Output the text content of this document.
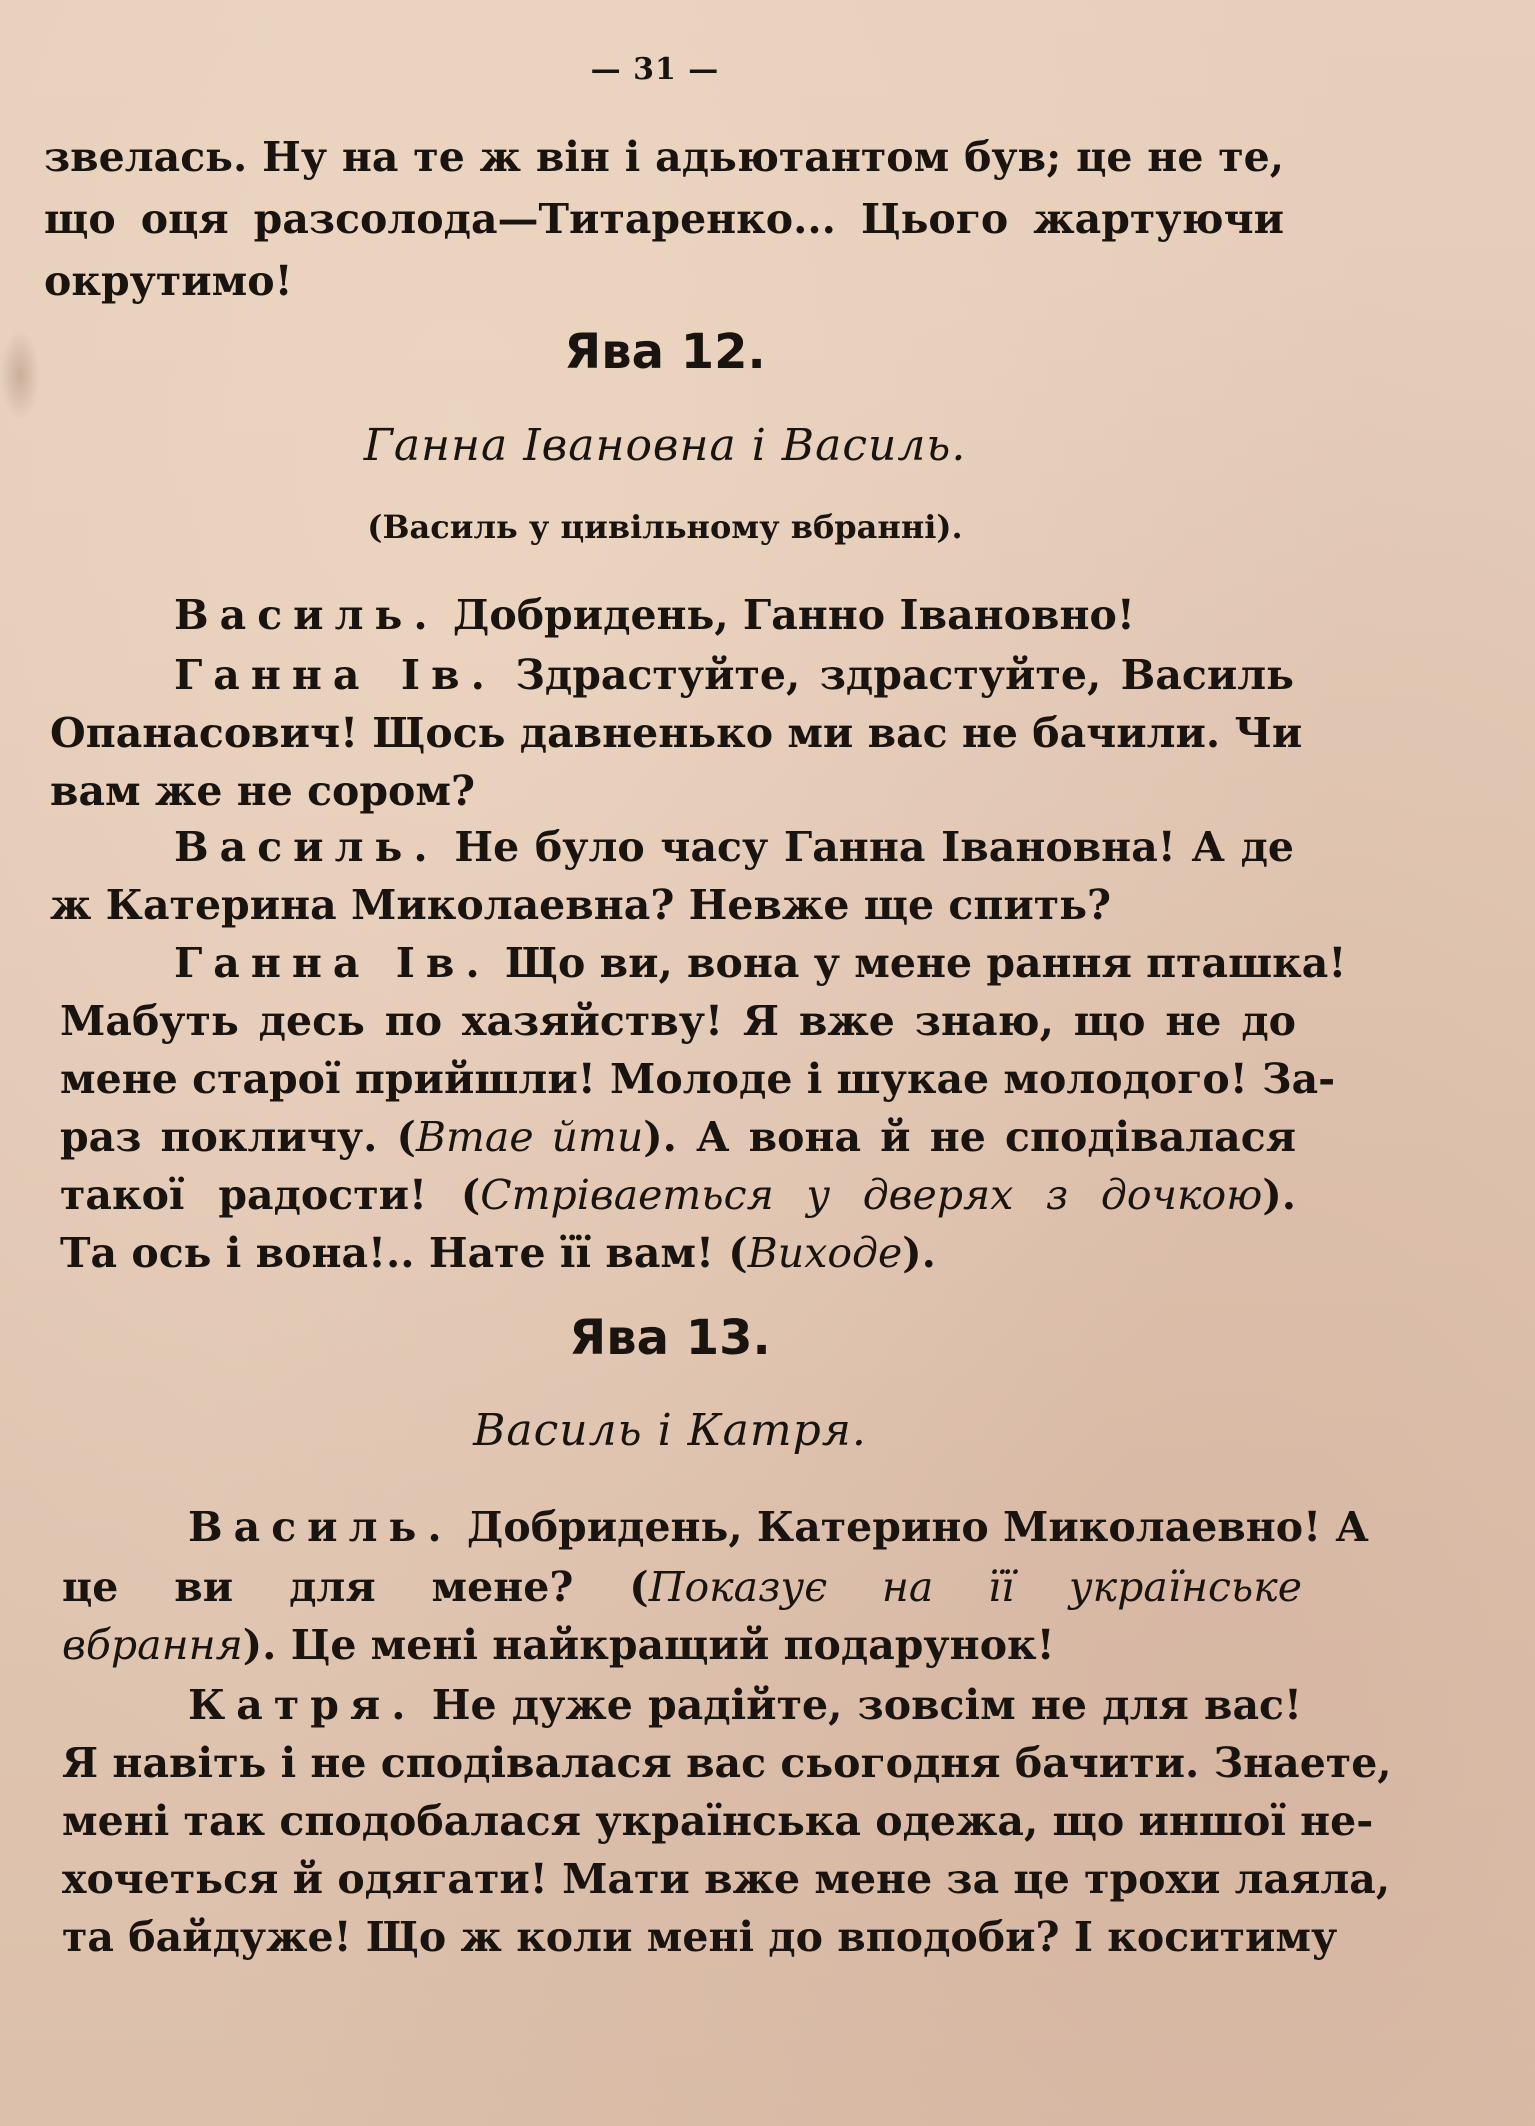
— 31 —
звелась. Ну на те ж він і адьютантом був; це не те,
що оця разсолода—Титаренко... Цього жартуючи
окрутимо!
Ява 12.
Ганна Івановна і Василь.
(Василь у цивільному вбранні).
Василь. Добридень, Ганно Івановно!
Ганна Ів. Здрастуйте, здрастуйте, Василь
Опанасович! Щось давненько ми вас не бачили. Чи
вам же не сором?
Василь. Не було часу Ганна Івановна! А де
ж Катерина Миколаевна? Невже ще спить?
Ганна Ів. Що ви, вона у мене рання пташка!
Мабуть десь по хазяйству! Я вже знаю, що не до
мене старої прийшли! Молоде і шукае молодого! За-
раз покличу. (Втае йти). А вона й не сподівалася
такої радости! (Стріваеться у дверях з дочкою).
Та ось і вона!.. Нате її вам! (Виходе).
Ява 13.
Василь і Катря.
Василь. Добридень, Катерино Миколаевно! А
це ви для мене? (Показує на її українське
вбрання). Це мені найкращий подарунок!
Катря. Не дуже радійте, зовсім не для вас!
Я навіть і не сподівалася вас сьогодня бачити. Знаете,
мені так сподобалася українська одежа, що иншої не-
хочеться й одягати! Мати вже мене за це трохи лаяла,
та байдуже! Що ж коли мені до вподоби? І коситиму
